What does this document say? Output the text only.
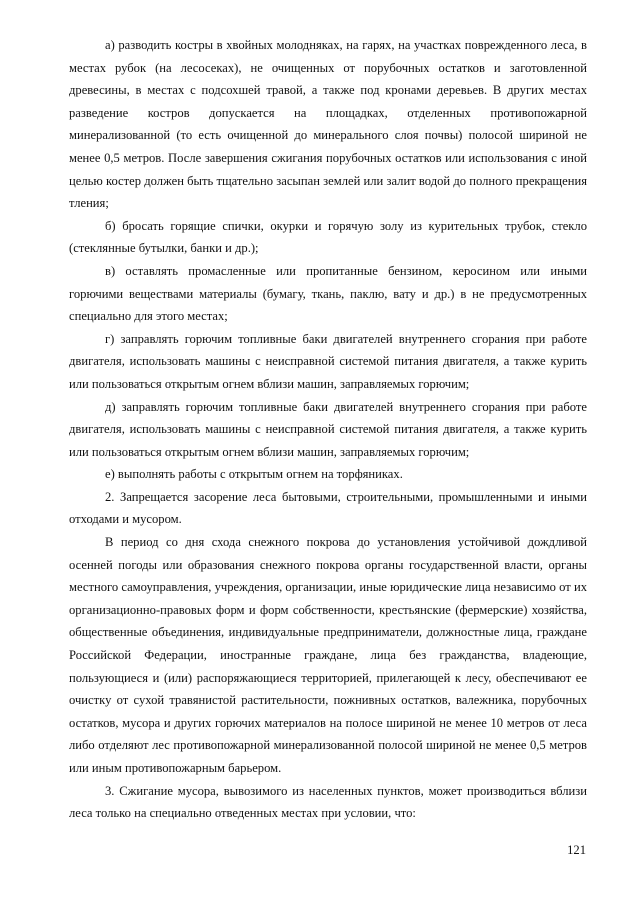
а) разводить костры в хвойных молодняках, на гарях, на участках поврежденного леса, в местах рубок (на лесосеках), не очищенных от порубочных остатков и заготовленной древесины, в местах с подсохшей травой, а также под кронами деревьев. В других местах разведение костров допускается на площадках, отделенных противопожарной минерализованной (то есть очищенной до минерального слоя почвы) полосой шириной не менее 0,5 метров. После завершения сжигания порубочных остатков или использования с иной целью костер должен быть тщательно засыпан землей или залит водой до полного прекращения тления;

б) бросать горящие спички, окурки и горячую золу из курительных трубок, стекло (стеклянные бутылки, банки и др.);

в) оставлять промасленные или пропитанные бензином, керосином или иными горючими веществами материалы (бумагу, ткань, паклю, вату и др.) в не предусмотренных специально для этого местах;

г) заправлять горючим топливные баки двигателей внутреннего сгорания при работе двигателя, использовать машины с неисправной системой питания двигателя, а также курить или пользоваться открытым огнем вблизи машин, заправляемых горючим;

д) заправлять горючим топливные баки двигателей внутреннего сгорания при работе двигателя, использовать машины с неисправной системой питания двигателя, а также курить или пользоваться открытым огнем вблизи машин, заправляемых горючим;

е) выполнять работы с открытым огнем на торфяниках.

2. Запрещается засорение леса бытовыми, строительными, промышленными и иными отходами и мусором.

В период со дня схода снежного покрова до установления устойчивой дождливой осенней погоды или образования снежного покрова органы государственной власти, органы местного самоуправления, учреждения, организации, иные юридические лица независимо от их организационно-правовых форм и форм собственности, крестьянские (фермерские) хозяйства, общественные объединения, индивидуальные предприниматели, должностные лица, граждане Российской Федерации, иностранные граждане, лица без гражданства, владеющие, пользующиеся и (или) распоряжающиеся территорией, прилегающей к лесу, обеспечивают ее очистку от сухой травянистой растительности, пожнивных остатков, валежника, порубочных остатков, мусора и других горючих материалов на полосе шириной не менее 10 метров от леса либо отделяют лес противопожарной минерализованной полосой шириной не менее 0,5 метров или иным противопожарным барьером.

3. Сжигание мусора, вывозимого из населенных пунктов, может производиться вблизи леса только на специально отведенных местах при условии, что:

121
